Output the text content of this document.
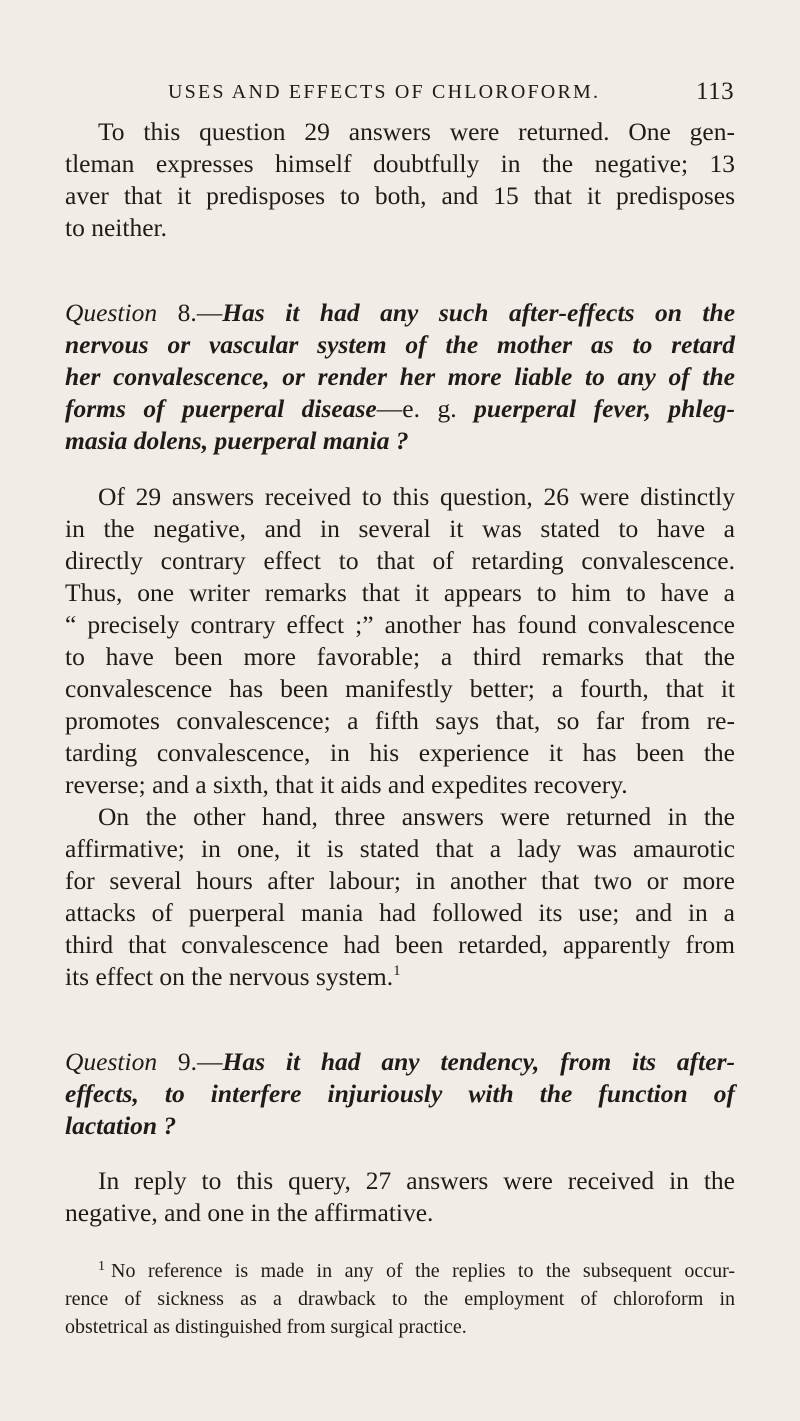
USES AND EFFECTS OF CHLOROFORM.	113
To this question 29 answers were returned. One gen-
tleman expresses himself doubtfully in the negative; 13
aver that it predisposes to both, and 15 that it predisposes
to neither.
Question 8.—Has it had any such after-effects on the
nervous or vascular system of the mother as to retard
her convalescence, or render her more liable to any of the
forms of puerperal disease—e. g. puerperal fever, phleg-
masia dolens, puerperal mania ?
Of 29 answers received to this question, 26 were distinctly
in the negative, and in several it was stated to have a
directly contrary effect to that of retarding convalescence.
Thus, one writer remarks that it appears to him to have a
“ precisely contrary effect ;” another has found convalescence
to have been more favorable; a third remarks that the
convalescence has been manifestly better; a fourth, that it
promotes convalescence; a fifth says that, so far from re-
tarding convalescence, in his experience it has been the
reverse; and a sixth, that it aids and expedites recovery.
On the other hand, three answers were returned in the
affirmative; in one, it is stated that a lady was amaurotic
for several hours after labour; in another that two or more
attacks of puerperal mania had followed its use; and in a
third that convalescence had been retarded, apparently from
its effect on the nervous system.$^1$
Question 9.—Has it had any tendency, from its after-
effects, to interfere injuriously with the function of
lactation ?
In reply to this query, 27 answers were received in the
negative, and one in the affirmative.
$^1$ No reference is made in any of the replies to the subsequent occur-
rence of sickness as a drawback to the employment of chloroform in
obstetrical as distinguished from surgical practice.
